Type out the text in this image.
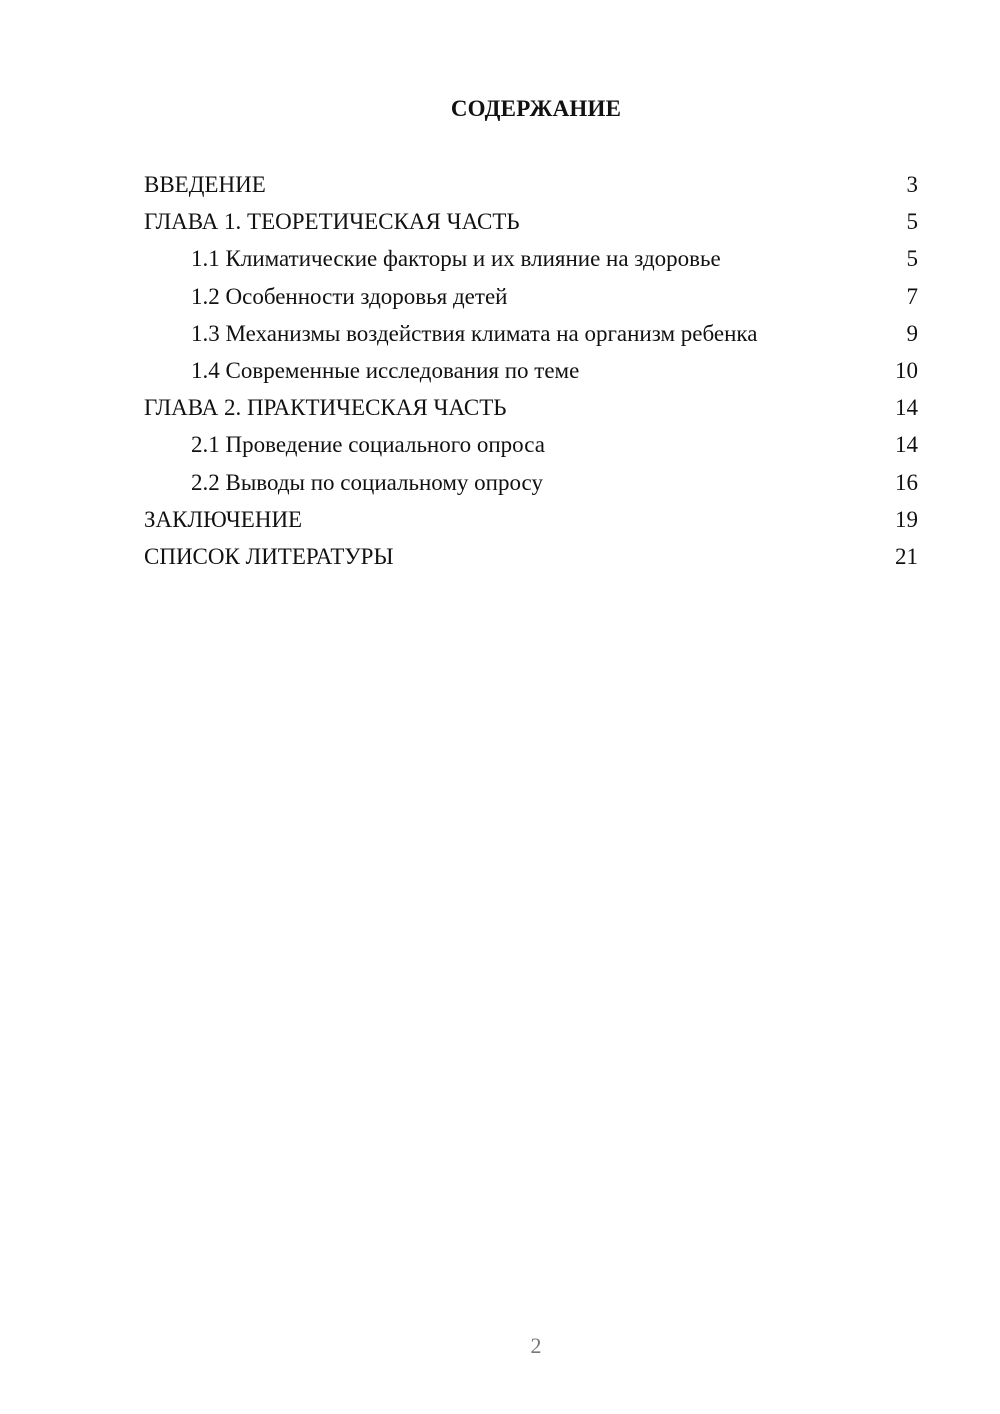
СОДЕРЖАНИЕ
ВВЕДЕНИЕ	3
ГЛАВА 1. ТЕОРЕТИЧЕСКАЯ ЧАСТЬ	5
1.1 Климатические факторы и их влияние на здоровье	5
1.2 Особенности здоровья детей	7
1.3 Механизмы воздействия климата на организм ребенка	9
1.4 Современные исследования по теме	10
ГЛАВА 2. ПРАКТИЧЕСКАЯ ЧАСТЬ	14
2.1 Проведение социального опроса	14
2.2 Выводы по социальному опросу	16
ЗАКЛЮЧЕНИЕ	19
СПИСОК ЛИТЕРАТУРЫ	21
2
